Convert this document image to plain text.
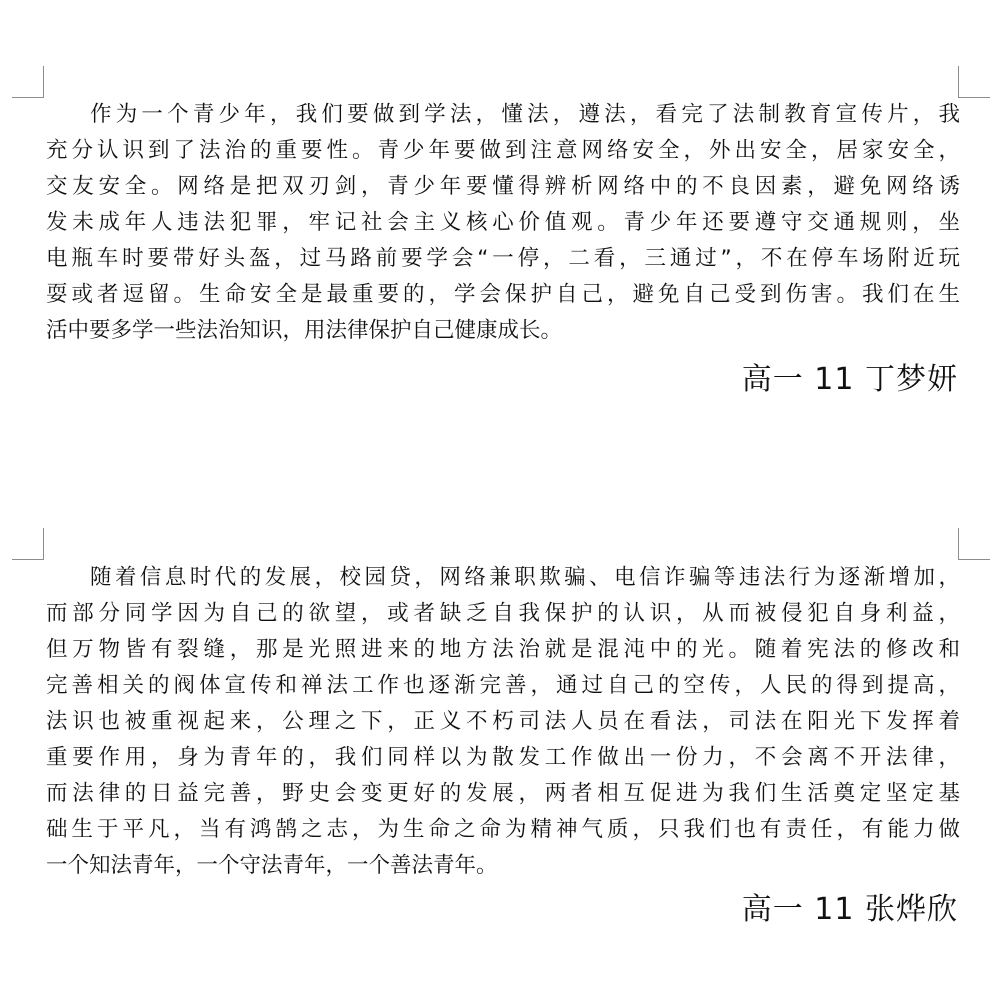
作为一个青少年，我们要做到学法，懂法，遵法，看完了法制教育宣传片，我
充分认识到了法治的重要性。青少年要做到注意网络安全，外出安全，居家安全，
交友安全。网络是把双刃剑，青少年要懂得辨析网络中的不良因素，避免网络诱
发未成年人违法犯罪，牢记社会主义核心价值观。青少年还要遵守交通规则，坐
电瓶车时要带好头盔，过马路前要学会“一停，二看，三通过”，不在停车场附近玩
耍或者逗留。生命安全是最重要的，学会保护自己，避免自己受到伤害。我们在生
活中要多学一些法治知识，用法律保护自己健康成长。
高一 11 丁梦妍
随着信息时代的发展，校园贷，网络兼职欺骗、电信诈骗等违法行为逐渐增加，
而部分同学因为自己的欲望，或者缺乏自我保护的认识，从而被侵犯自身利益，
但万物皆有裂缝，那是光照进来的地方法治就是混沌中的光。随着宪法的修改和
完善相关的阀体宣传和禅法工作也逐渐完善，通过自己的空传，人民的得到提高，
法识也被重视起来，公理之下，正义不朽司法人员在看法，司法在阳光下发挥着
重要作用，身为青年的，我们同样以为散发工作做出一份力，不会离不开法律，
而法律的日益完善，野史会变更好的发展，两者相互促进为我们生活奠定坚定基
础生于平凡，当有鸿鹄之志，为生命之命为精神气质，只我们也有责任，有能力做
一个知法青年，一个守法青年，一个善法青年。
高一 11 张烨欣
